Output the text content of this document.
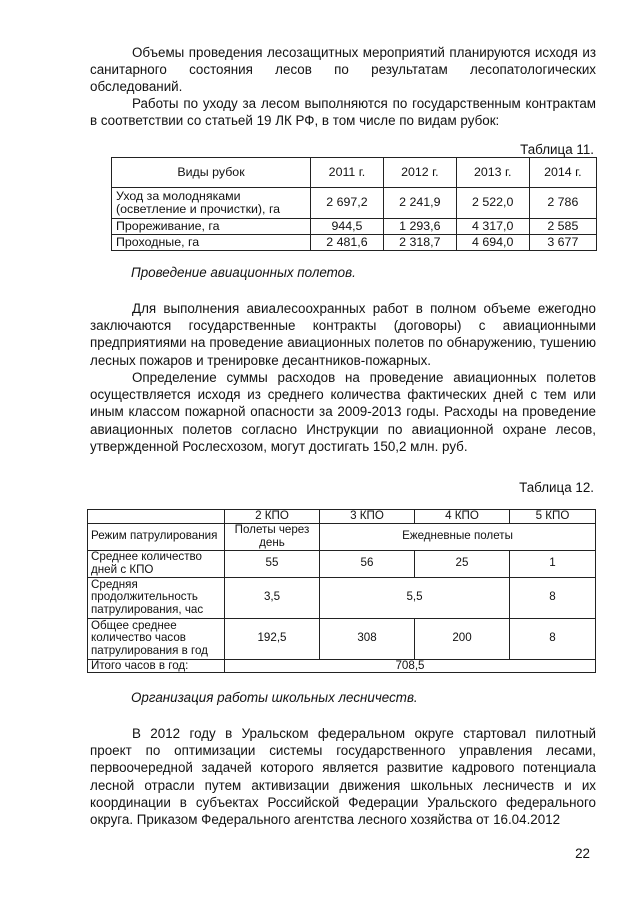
Объемы проведения лесозащитных мероприятий планируются исходя из санитарного состояния лесов по результатам лесопатологических обследований.

Работы по уходу за лесом выполняются по государственным контрактам в соответствии со статьей 19 ЛК РФ, в том числе по видам рубок:

Таблица 11.

Виды рубок	2011 г.	2012 г.	2013 г.	2014 г.
Уход за молодняками (осветление и прочистки), га	2 697,2	2 241,9	2 522,0	2 786
Прореживание, га	944,5	1 293,6	4 317,0	2 585
Проходные, га	2 481,6	2 318,7	4 694,0	3 677

Проведение авиационных полетов.

Для выполнения авиалесоохранных работ в полном объеме ежегодно заключаются государственные контракты (договоры) с авиационными предприятиями на проведение авиационных полетов по обнаружению, тушению лесных пожаров и тренировке десантников-пожарных.

Определение суммы расходов на проведение авиационных полетов осуществляется исходя из среднего количества фактических дней с тем или иным классом пожарной опасности за 2009-2013 годы. Расходы на проведение авиационных полетов согласно Инструкции по авиационной охране лесов, утвержденной Рослесхозом, могут достигать 150,2 млн. руб.

Таблица 12.

	2 КПО	3 КПО	4 КПО	5 КПО
Режим патрулирования	Полеты через день	Ежедневные полеты		
Среднее количество дней с КПО	55	56	25	1
Средняя продолжительность патрулирования, час	3,5	5,5		8
Общее среднее количество часов патрулирования в год	192,5	308	200	8
Итого часов в год:	708,5			

Организация работы школьных лесничеств.

В 2012 году в Уральском федеральном округе стартовал пилотный проект по оптимизации системы государственного управления лесами, первоочередной задачей которого является развитие кадрового потенциала лесной отрасли путем активизации движения школьных лесничеств и их координации в субъектах Российской Федерации Уральского федерального округа. Приказом Федерального агентства лесного хозяйства от 16.04.2012

22
